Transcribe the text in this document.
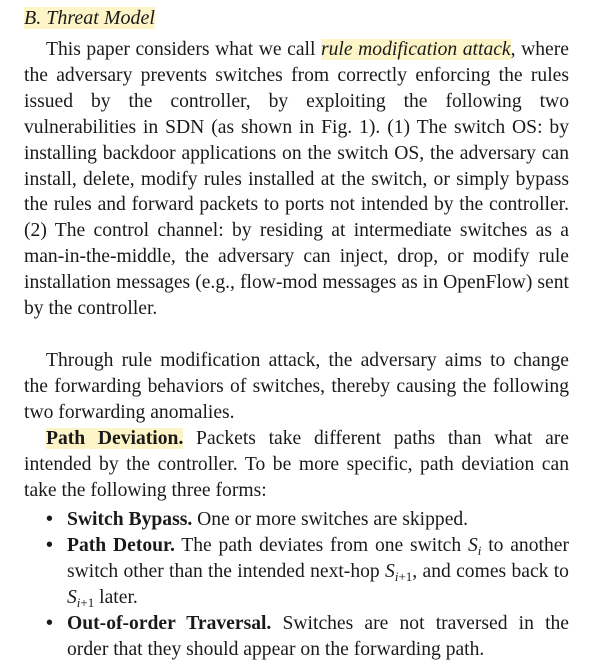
B. Threat Model

This paper considers what we call rule modification attack, where the adversary prevents switches from correctly enforcing the rules issued by the controller, by exploiting the following two vulnerabilities in SDN (as shown in Fig. 1). (1) The switch OS: by installing backdoor applications on the switch OS, the adversary can install, delete, modify rules installed at the switch, or simply bypass the rules and forward packets to ports not intended by the controller. (2) The control channel: by residing at intermediate switches as a man-in-the-middle, the adversary can inject, drop, or modify rule installation messages (e.g., flow-mod messages as in OpenFlow) sent by the controller.

Through rule modification attack, the adversary aims to change the forwarding behaviors of switches, thereby causing the following two forwarding anomalies.

Path Deviation. Packets take different paths than what are intended by the controller. To be more specific, path deviation can take the following three forms:

• Switch Bypass. One or more switches are skipped.
• Path Detour. The path deviates from one switch $S_i$ to another switch other than the intended next-hop $S_{i+1}$, and comes back to $S_{i+1}$ later.
• Out-of-order Traversal. Switches are not traversed in the order that they should appear on the forwarding path.
